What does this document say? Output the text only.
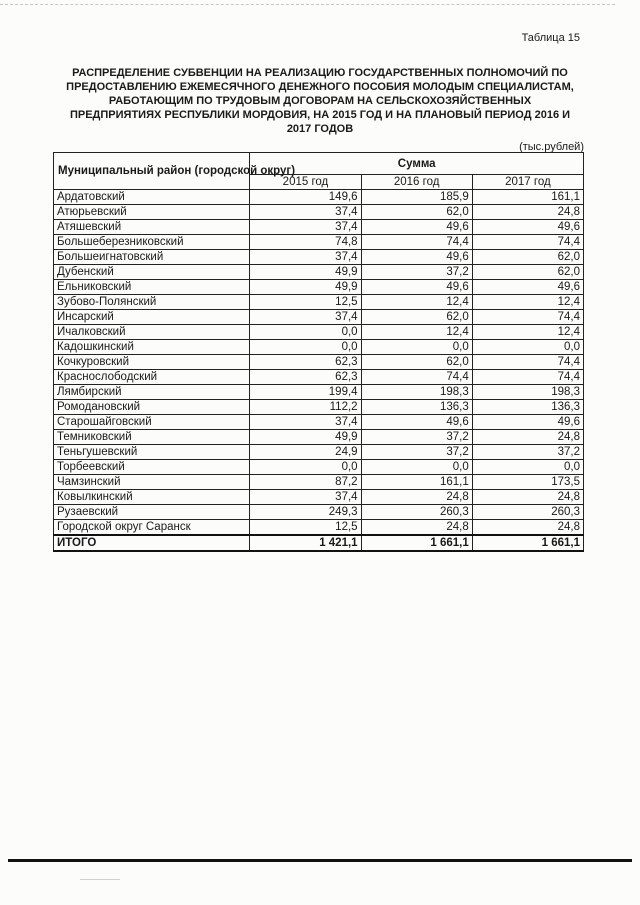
Таблица 15
РАСПРЕДЕЛЕНИЕ СУБВЕНЦИИ НА РЕАЛИЗАЦИЮ ГОСУДАРСТВЕННЫХ ПОЛНОМОЧИЙ ПО
ПРЕДОСТАВЛЕНИЮ ЕЖЕМЕСЯЧНОГО ДЕНЕЖНОГО ПОСОБИЯ МОЛОДЫМ СПЕЦИАЛИСТАМ,
РАБОТАЮЩИМ ПО ТРУДОВЫМ ДОГОВОРАМ НА СЕЛЬСКОХОЗЯЙСТВЕННЫХ
ПРЕДПРИЯТИЯХ РЕСПУБЛИКИ МОРДОВИЯ, НА 2015 ГОД И НА ПЛАНОВЫЙ ПЕРИОД 2016 И
2017 ГОДОВ
(тыс.рублей)
Муниципальный район (городской округ)	Сумма		
	2015 год	2016 год	2017 год
Ардатовский	149,6	185,9	161,1
Атюрьевский	37,4	62,0	24,8
Атяшевский	37,4	49,6	49,6
Большеберезниковский	74,8	74,4	74,4
Большеигнатовский	37,4	49,6	62,0
Дубенский	49,9	37,2	62,0
Ельниковский	49,9	49,6	49,6
Зубово-Полянский	12,5	12,4	12,4
Инсарский	37,4	62,0	74,4
Ичалковский	0,0	12,4	12,4
Кадошкинский	0,0	0,0	0,0
Кочкуровский	62,3	62,0	74,4
Краснослободский	62,3	74,4	74,4
Лямбирский	199,4	198,3	198,3
Ромодановский	112,2	136,3	136,3
Старошайговский	37,4	49,6	49,6
Темниковский	49,9	37,2	24,8
Теньгушевский	24,9	37,2	37,2
Торбеевский	0,0	0,0	0,0
Чамзинский	87,2	161,1	173,5
Ковылкинский	37,4	24,8	24,8
Рузаевский	249,3	260,3	260,3
Городской округ Саранск	12,5	24,8	24,8
ИТОГО	1 421,1	1 661,1	1 661,1
